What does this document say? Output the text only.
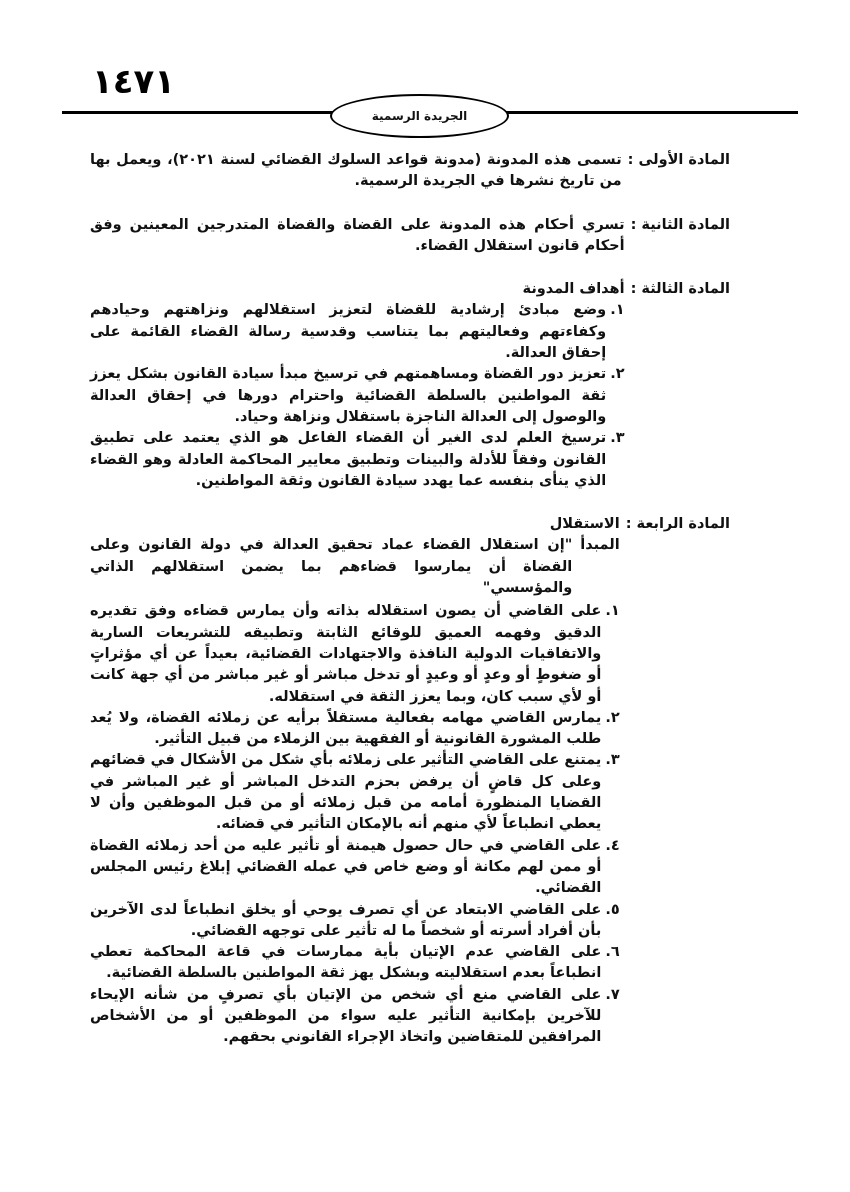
١٤٧١
الجريدة الرسمية
المادة الأولى :
تسمى هذه المدونة (مدونة قواعد السلوك القضائي لسنة ٢٠٢١)، ويعمل بها من تاريخ نشرها في الجريدة الرسمية.
المادة الثانية :
تسري أحكام هذه المدونة على القضاة والقضاة المتدرجين المعينين وفق أحكام قانون استقلال القضاء.
المادة الثالثة :
أهداف المدونة
١.
وضع مبادئ إرشادية للقضاة لتعزيز استقلالهم ونزاهتهم وحيادهم وكفاءتهم وفعاليتهم بما يتناسب وقدسية رسالة القضاء القائمة على إحقاق العدالة.
٢.
تعزيز دور القضاة ومساهمتهم في ترسيخ مبدأ سيادة القانون بشكل يعزز ثقة المواطنين بالسلطة القضائية واحترام دورها في إحقاق العدالة والوصول إلى العدالة الناجزة باستقلال ونزاهة وحياد.
٣.
ترسيخ العلم لدى الغير أن القضاء الفاعل هو الذي يعتمد على تطبيق القانون وفقاً للأدلة والبينات وتطبيق معايير المحاكمة العادلة وهو القضاء الذي ينأى بنفسه عما يهدد سيادة القانون وثقة المواطنين.
المادة الرابعة :
الاستقلال
المبدأ
"إن استقلال القضاء عماد تحقيق العدالة في دولة القانون وعلى القضاة أن يمارسوا قضاءهم بما يضمن استقلالهم الذاتي والمؤسسي"
١.
على القاضي أن يصون استقلاله بذاته وأن يمارس قضاءه وفق تقديره الدقيق وفهمه العميق للوقائع الثابتة وتطبيقه للتشريعات السارية والاتفاقيات الدولية النافذة والاجتهادات القضائية، بعيداً عن أي مؤثراتٍ أو ضغوطٍ أو وعدٍ أو وعيدٍ أو تدخل مباشر أو غير مباشر من أي جهة كانت أو لأي سبب كان، وبما يعزز الثقة في استقلاله.
٢.
يمارس القاضي مهامه بفعالية مستقلاً برأيه عن زملائه القضاة، ولا يُعد طلب المشورة القانونية أو الفقهية بين الزملاء من قبيل التأثير.
٣.
يمتنع على القاضي التأثير على زملائه بأي شكل من الأشكال في قضائهم وعلى كل قاضٍ أن يرفض بحزم التدخل المباشر أو غير المباشر في القضايا المنظورة أمامه من قبل زملائه أو من قبل الموظفين وأن لا يعطي انطباعاً لأي منهم أنه بالإمكان التأثير في قضائه.
٤.
على القاضي في حال حصول هيمنة أو تأثير عليه من أحد زملائه القضاة أو ممن لهم مكانة أو وضع خاص في عمله القضائي إبلاغ رئيس المجلس القضائي.
٥.
على القاضي الابتعاد عن أي تصرف يوحي أو يخلق انطباعاً لدى الآخرين بأن أفراد أسرته أو شخصاً ما له تأثير على توجهه القضائي.
٦.
على القاضي عدم الإتيان بأية ممارسات في قاعة المحاكمة تعطي انطباعاً بعدم استقلاليته وبشكل يهز ثقة المواطنين بالسلطة القضائية.
٧.
على القاضي منع أي شخص من الإتيان بأي تصرفٍ من شأنه الإيحاء للآخرين بإمكانية التأثير عليه سواء من الموظفين أو من الأشخاص المرافقين للمتقاضين واتخاذ الإجراء القانوني بحقهم.
